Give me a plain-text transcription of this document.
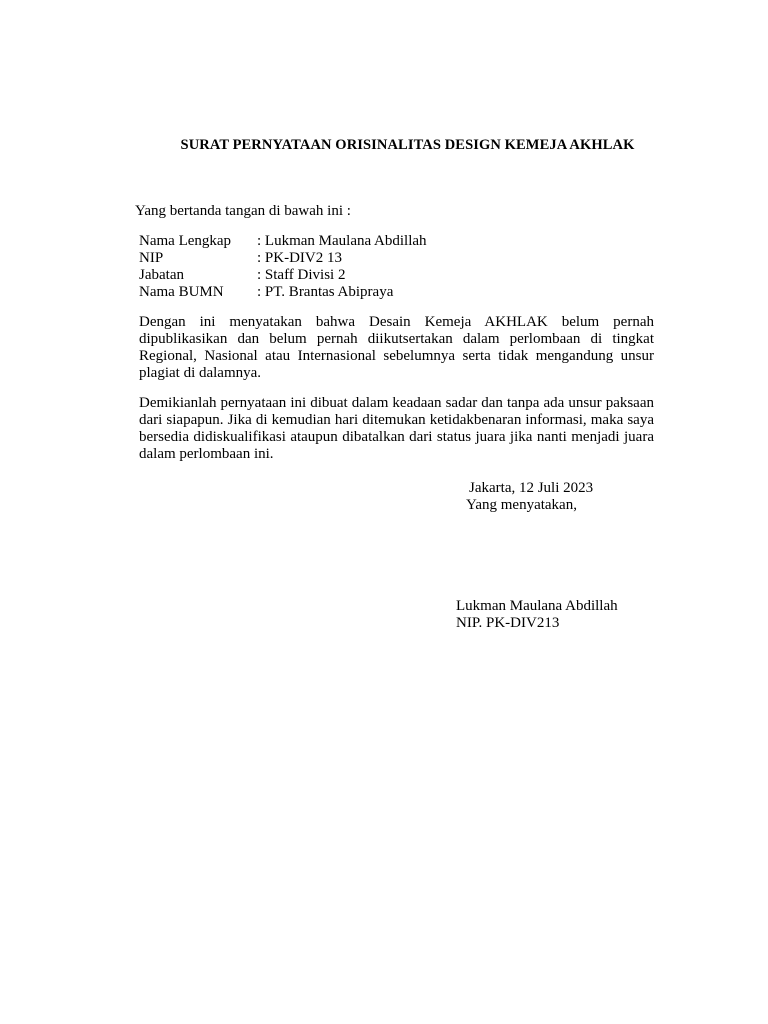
SURAT PERNYATAAN ORISINALITAS DESIGN KEMEJA AKHLAK
Yang bertanda tangan di bawah ini :
Nama Lengkap	: Lukman Maulana Abdillah
NIP	: PK-DIV2 13
Jabatan	: Staff Divisi 2
Nama BUMN	: PT. Brantas Abipraya

Dengan ini menyatakan bahwa Desain Kemeja AKHLAK belum pernah dipublikasikan dan belum pernah diikutsertakan dalam perlombaan di tingkat Regional, Nasional atau Internasional sebelumnya serta tidak mengandung unsur plagiat di dalamnya.

Demikianlah pernyataan ini dibuat dalam keadaan sadar dan tanpa ada unsur paksaan dari siapapun. Jika di kemudian hari ditemukan ketidakbenaran informasi, maka saya bersedia didiskualifikasi ataupun dibatalkan dari status juara jika nanti menjadi juara dalam perlombaan ini.

Jakarta, 12 Juli 2023
Yang menyatakan,
Lukman Maulana Abdillah
NIP. PK-DIV213
